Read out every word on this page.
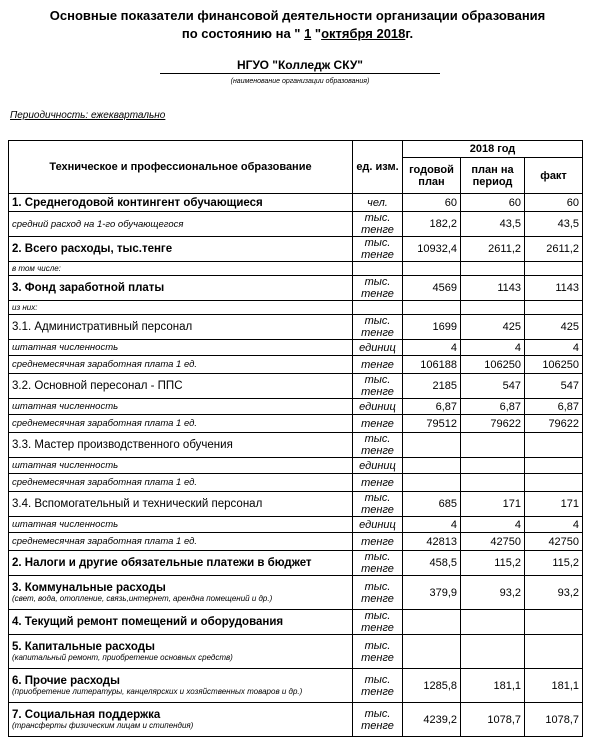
Основные показатели финансовой деятельности организации образования
по состоянию на " 1 "октября 2018г.
НГУО "Колледж СКУ"
(наименование организации образования)
Периодичность: ежеквартально
Техническое и профессиональное образование	ед. изм.	2018 год		
		годовой план	план на период	факт
1. Среднегодовой контингент обучающиеся	чел.	60	60	60
средний расход на 1-го обучающегося	тыс. тенге	182,2	43,5	43,5
2. Всего расходы, тыс.тенге	тыс. тенге	10932,4	2611,2	2611,2
в том числе:				
3. Фонд заработной платы	тыс. тенге	4569	1143	1143
из них:				
3.1. Административный персонал	тыс. тенге	1699	425	425
штатная численность	единиц	4	4	4
среднемесячная заработная плата 1 ед.	тенге	106188	106250	106250
3.2. Основной пересонал - ППС	тыс. тенге	2185	547	547
штатная численность	единиц	6,87	6,87	6,87
среднемесячная заработная плата 1 ед.	тенге	79512	79622	79622
3.3. Мастер производственного обучения	тыс. тенге			
штатная численность	единиц			
среднемесячная заработная плата 1 ед.	тенге			
3.4. Вспомогательный и технический персонал	тыс. тенге	685	171	171
штатная численность	единиц	4	4	4
среднемесячная заработная плата 1 ед.	тенге	42813	42750	42750
2. Налоги и другие обязательные платежи в бюджет	тыс. тенге	458,5	115,2	115,2
3. Коммунальные расходы
(свет, вода, отопление, связь,интернет, арендна помещений и др.)	тыс. тенге	379,9	93,2	93,2
4. Текущий ремонт помещений и оборудования	тыс. тенге			
5. Капитальные расходы
(капитальный ремонт, приобретение основных средств)	тыс. тенге			
6. Прочие расходы
(приобретение литературы, канцелярских и хозяйственных товаров и др.)	тыс. тенге	1285,8	181,1	181,1
7. Социальная поддержка
(трансферты физическим лицам и стипендия)	тыс. тенге	4239,2	1078,7	1078,7
